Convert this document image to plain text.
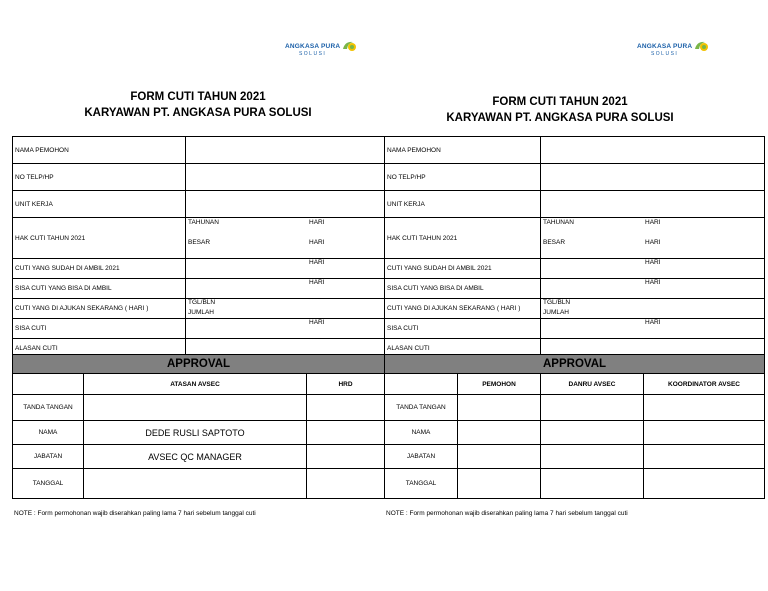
ANGKASA PURA
SOLUSI
ANGKASA PURA
SOLUSI
FORM CUTI TAHUN 2021
KARYAWAN PT. ANGKASA PURA SOLUSI
FORM CUTI TAHUN 2021
KARYAWAN PT. ANGKASA PURA SOLUSI
NAMA PEMOHON	
NO TELP/HP	
UNIT KERJA	
HAK CUTI TAHUN 2021	TAHUNAN HARI
BESAR HARI

CUTI YANG SUDAH DI AMBIL 2021	HARI

SISA CUTI YANG BISA DI AMBIL	HARI

CUTI YANG DI AJUKAN SEKARANG ( HARI )	TGL/BLN
JUMLAH

SISA CUTI	HARI

ALASAN CUTI	
APPROVAL		
	ATASAN AVSEC	HRD
TANDA TANGAN		
NAMA	DEDE RUSLI SAPTOTO	
JABATAN	AVSEC QC MANAGER	
TANGGAL		
NAMA PEMOHON	
NO TELP/HP	
UNIT KERJA	
HAK CUTI TAHUN 2021	TAHUNAN HARI
BESAR HARI

CUTI YANG SUDAH DI AMBIL 2021	HARI

SISA CUTI YANG BISA DI AMBIL	HARI

CUTI YANG DI AJUKAN SEKARANG ( HARI )	TGL/BLN
JUMLAH

SISA CUTI	HARI

ALASAN CUTI	
APPROVAL			
	PEMOHON	DANRU AVSEC	KOORDINATOR AVSEC
TANDA TANGAN			
NAMA			
JABATAN			
TANGGAL			
NOTE : Form permohonan wajib diserahkan paling lama 7 hari sebelum tanggal cuti	NOTE : Form permohonan wajib diserahkan paling lama 7 hari sebelum tanggal cuti
